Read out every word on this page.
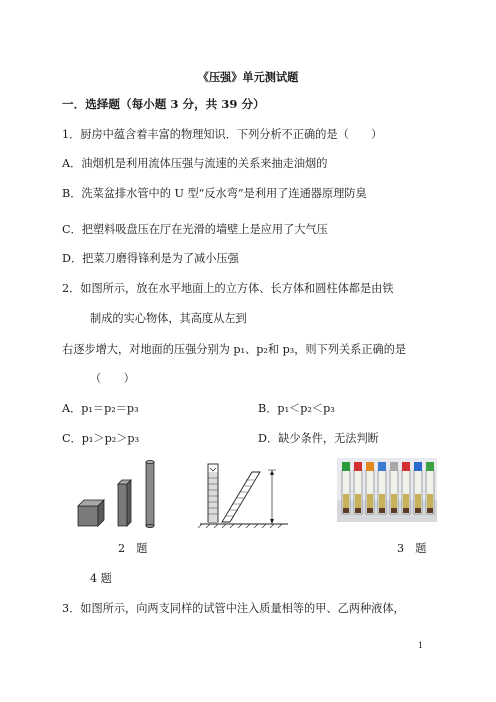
《压强》单元测试题
一．选择题（每小题 3 分，共 39 分）
1．厨房中蕴含着丰富的物理知识．下列分析不正确的是（　　）
A．油烟机是利用流体压强与流速的关系来抽走油烟的
B．洗菜盆排水管中的 U 型“反水弯”是利用了连通器原理防臭
C．把塑料吸盘压在厅在光滑的墙壁上是应用了大气压
D．把菜刀磨得锋利是为了减小压强
2．如图所示，放在水平地面上的立方体、长方体和圆柱体都是由铁
制成的实心物体，其高度从左到
右逐步增大，对地面的压强分别为 p₁、p₂和 p₃，则下列关系正确的是
（　　）
A．p₁＝p₂＝p₃	B．p₁＜p₂＜p₃
C．p₁＞p₂＞p₃	D．缺少条件，无法判断
2　题	3　题
4 题
3．如图所示，向两支同样的试管中注入质量相等的甲、乙两种液体，
1
